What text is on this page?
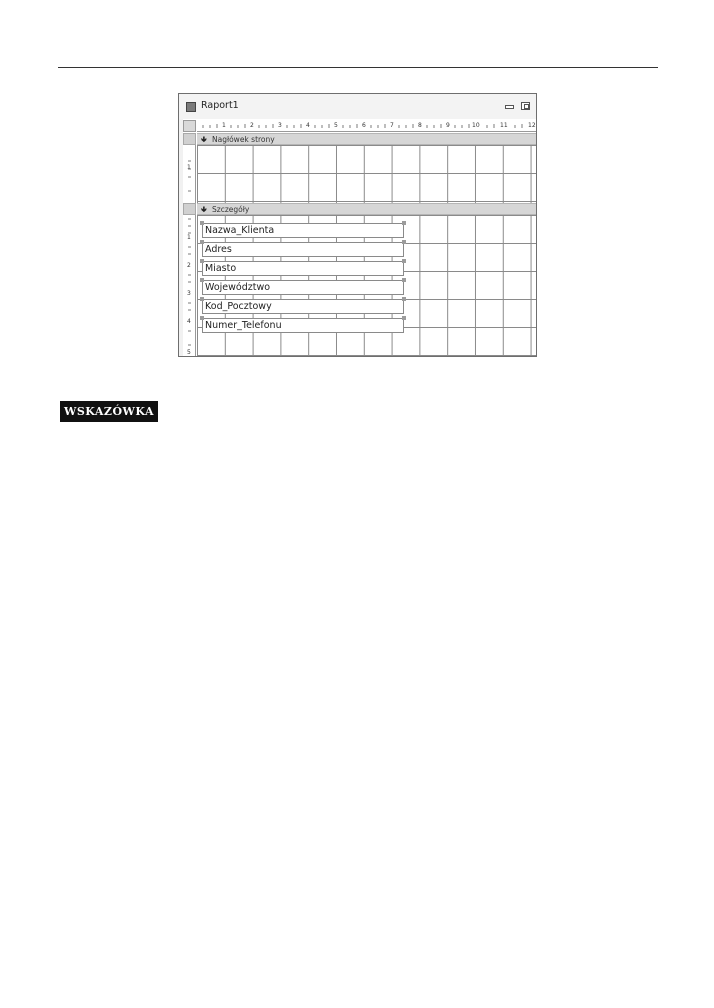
Raport1
1	2	3	4	5	6	7	8	9	10	11	12
1
1
2
3
4
5
🢃 Nagłówek strony
🢃 Szczegóły
Nazwa_Klienta
Adres
Miasto
Województwo
Kod_Pocztowy
Numer_Telefonu
WSKAZÓWKA
